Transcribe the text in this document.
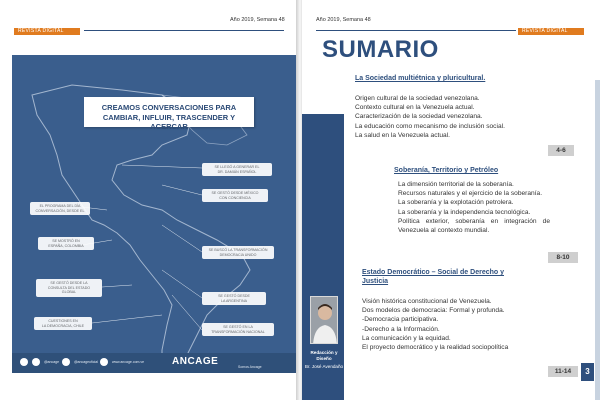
REVISTA DIGITAL
Año 2019, Semana 48
CREAMOS CONVERSACIONES PARA
CAMBIAR, INFLUIR, TRASCENDER Y ACERCAR
SE LLEGÓ A GENERAR EL
DR. DAMIÁN ESPAÑOL
SE GESTÓ DESDE MÉXICO
CON CONCIENCIA
EL PROGRAMA DEL DÍA
CONVERSACIÓN, DESDE EL
SE MOSTRÓ EN
ESPAÑA, COLOMBIA
SE BUSCÓ LA TRANSFORMACIÓN
DEMOCRACIA UNIDO
SE GESTÓ DESDE LA
CONSULTA DEL ESTADO
GLOBAL
SE GESTÓ DESDE
LA ARGENTINA
CUESTIONES EN
LA DEMOCRACIA, CHILE	SE GESTÓ EN LA
TRANSFORMACIÓN NACIONAL
@ancage	@ancageoficial	www.ancage.com.ve	ANCAGE	Somos Ancage
Año 2019, Semana 48
REVISTA DIGITAL
SUMARIO
La Sociedad multiétnica y pluricultural.
Origen cultural de la sociedad venezolana.
Contexto cultural en la Venezuela actual.
Caracterización de la sociedad venezolana.
La educación como mecanismo de inclusión social.
La salud en la Venezuela actual.
4-6
Soberanía, Territorio y Petróleo
La dimensión territorial de la soberanía.
Recursos naturales y el ejercicio de la soberanía.
La soberanía y la explotación petrolera.
La soberanía y la independencia tecnológica.
Política exterior, soberanía en integración de Venezuela al contexto mundial.
8-10
Estado Democrático – Social de Derecho y Justicia
Visión histórica constitucional de Venezuela.
Dos modelos de democracia: Formal y profunda.
-Democracia participativa.
-Derecho a la Información.
La comunicación y la equidad.
El proyecto democrático y la realidad sociopolítica
11-14
Redacción y
Diseño
Br. José Avendaño
3
